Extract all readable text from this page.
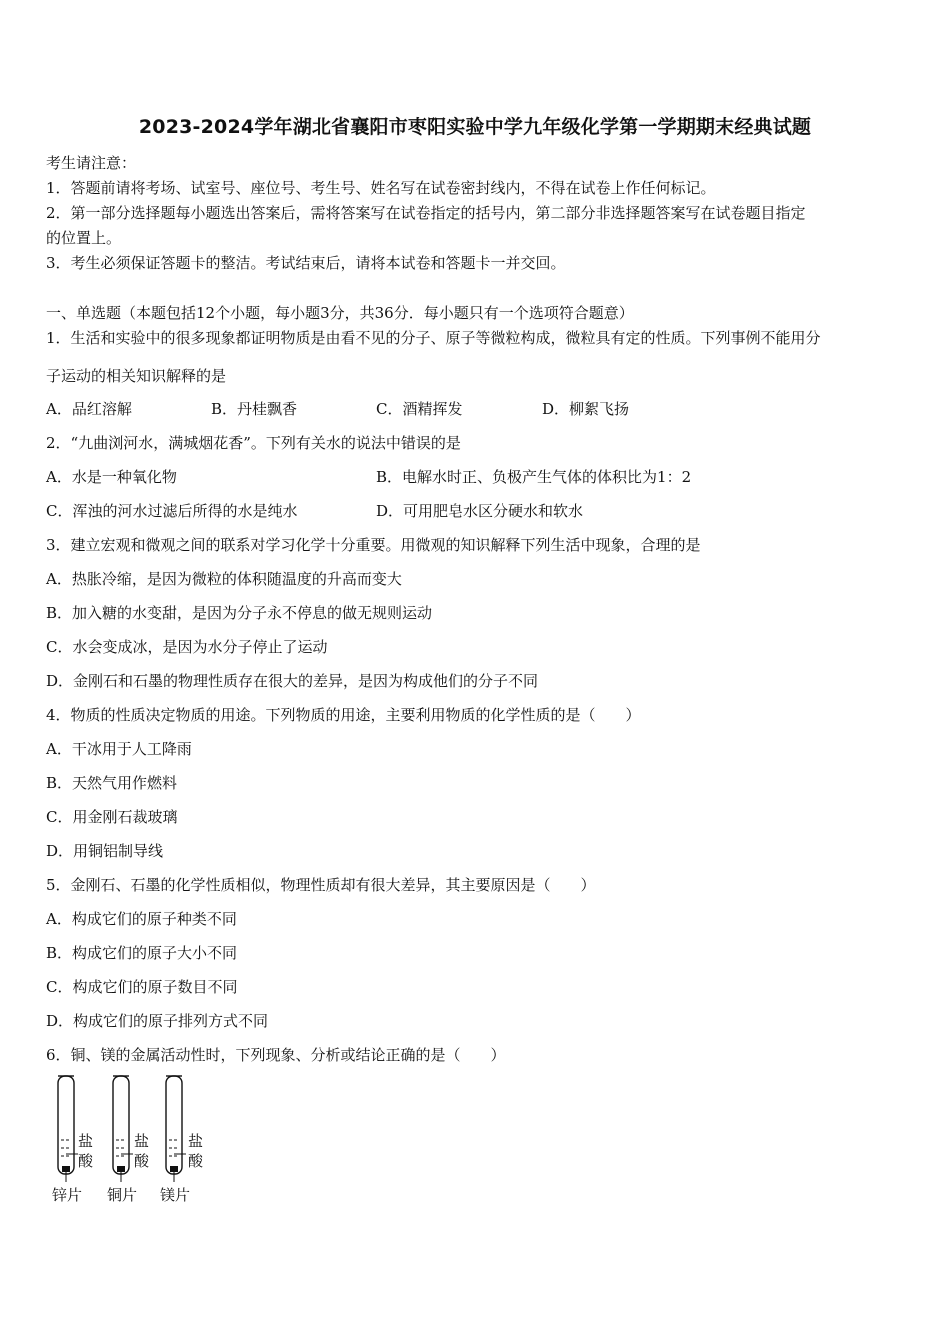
2023-2024学年湖北省襄阳市枣阳实验中学九年级化学第一学期期末经典试题
考生请注意：
1．答题前请将考场、试室号、座位号、考生号、姓名写在试卷密封线内，不得在试卷上作任何标记。
2．第一部分选择题每小题选出答案后，需将答案写在试卷指定的括号内，第二部分非选择题答案写在试卷题目指定
的位置上。
3．考生必须保证答题卡的整洁。考试结束后，请将本试卷和答题卡一并交回。
一、单选题（本题包括12个小题，每小题3分，共36分．每小题只有一个选项符合题意）
1．生活和实验中的很多现象都证明物质是由看不见的分子、原子等微粒构成，微粒具有定的性质。下列事例不能用分
子运动的相关知识解释的是
A．品红溶解	B．丹桂飘香	C．酒精挥发	D．柳絮飞扬
2．“九曲浏河水，满城烟花香”。下列有关水的说法中错误的是
A．水是一种氧化物	B．电解水时正、负极产生气体的体积比为1：2
C．浑浊的河水过滤后所得的水是纯水	D．可用肥皂水区分硬水和软水
3．建立宏观和微观之间的联系对学习化学十分重要。用微观的知识解释下列生活中现象，合理的是
A．热胀冷缩，是因为微粒的体积随温度的升高而变大
B．加入糖的水变甜，是因为分子永不停息的做无规则运动
C．水会变成冰，是因为水分子停止了运动
D．金刚石和石墨的物理性质存在很大的差异，是因为构成他们的分子不同
4．物质的性质决定物质的用途。下列物质的用途，主要利用物质的化学性质的是（　　）
A．干冰用于人工降雨
B．天然气用作燃料
C．用金刚石裁玻璃
D．用铜铝制导线
5．金刚石、石墨的化学性质相似，物理性质却有很大差异，其主要原因是（　　）
A．构成它们的原子种类不同
B．构成它们的原子大小不同
C．构成它们的原子数目不同
D．构成它们的原子排列方式不同
6．铜、镁的金属活动性时，下列现象、分析或结论正确的是（　　）
盐
酸
锌片
盐
酸
铜片
盐
酸
镁片
